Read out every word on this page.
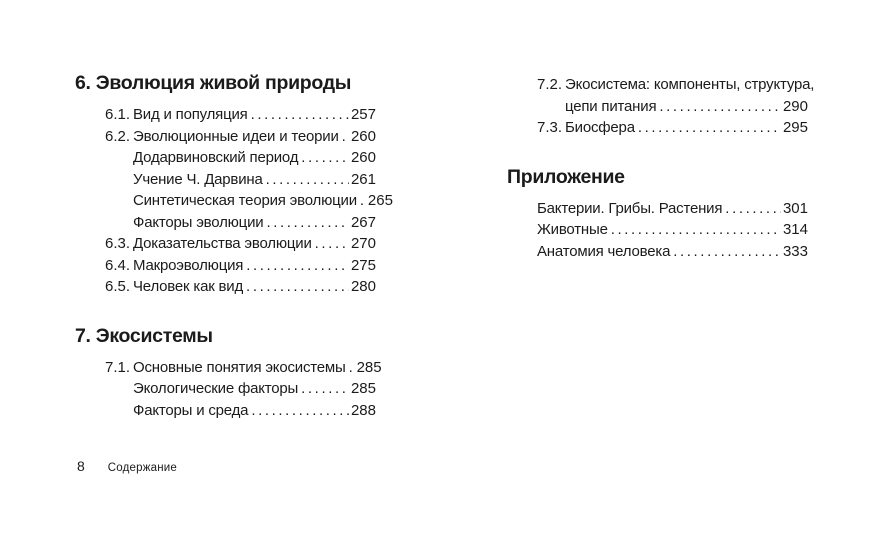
6. Эволюция живой природы
6.1. Вид и популяция .....	257
6.2. Эволюционные идеи и теории ..... 260
Додарвиновский период .....	260
Учение Ч. Дарвина .....	261
Синтетическая теория эволюции ..... 265
Факторы эволюции .....	267
6.3. Доказательства эволюции .....	270
6.4. Макроэволюция .....	275
6.5. Человек как вид .....	280
7. Экосистемы
7.1. Основные понятия экосистемы ..... 285
Экологические факторы .....	285
Факторы и среда .....	288
7.2. Экосистема: компоненты, структура,
цепи питания .....	290
7.3. Биосфера .....	295
Приложение
Бактерии. Грибы. Растения .....	301
Животные .....	314
Анатомия человека .....	333
8 Содержание
